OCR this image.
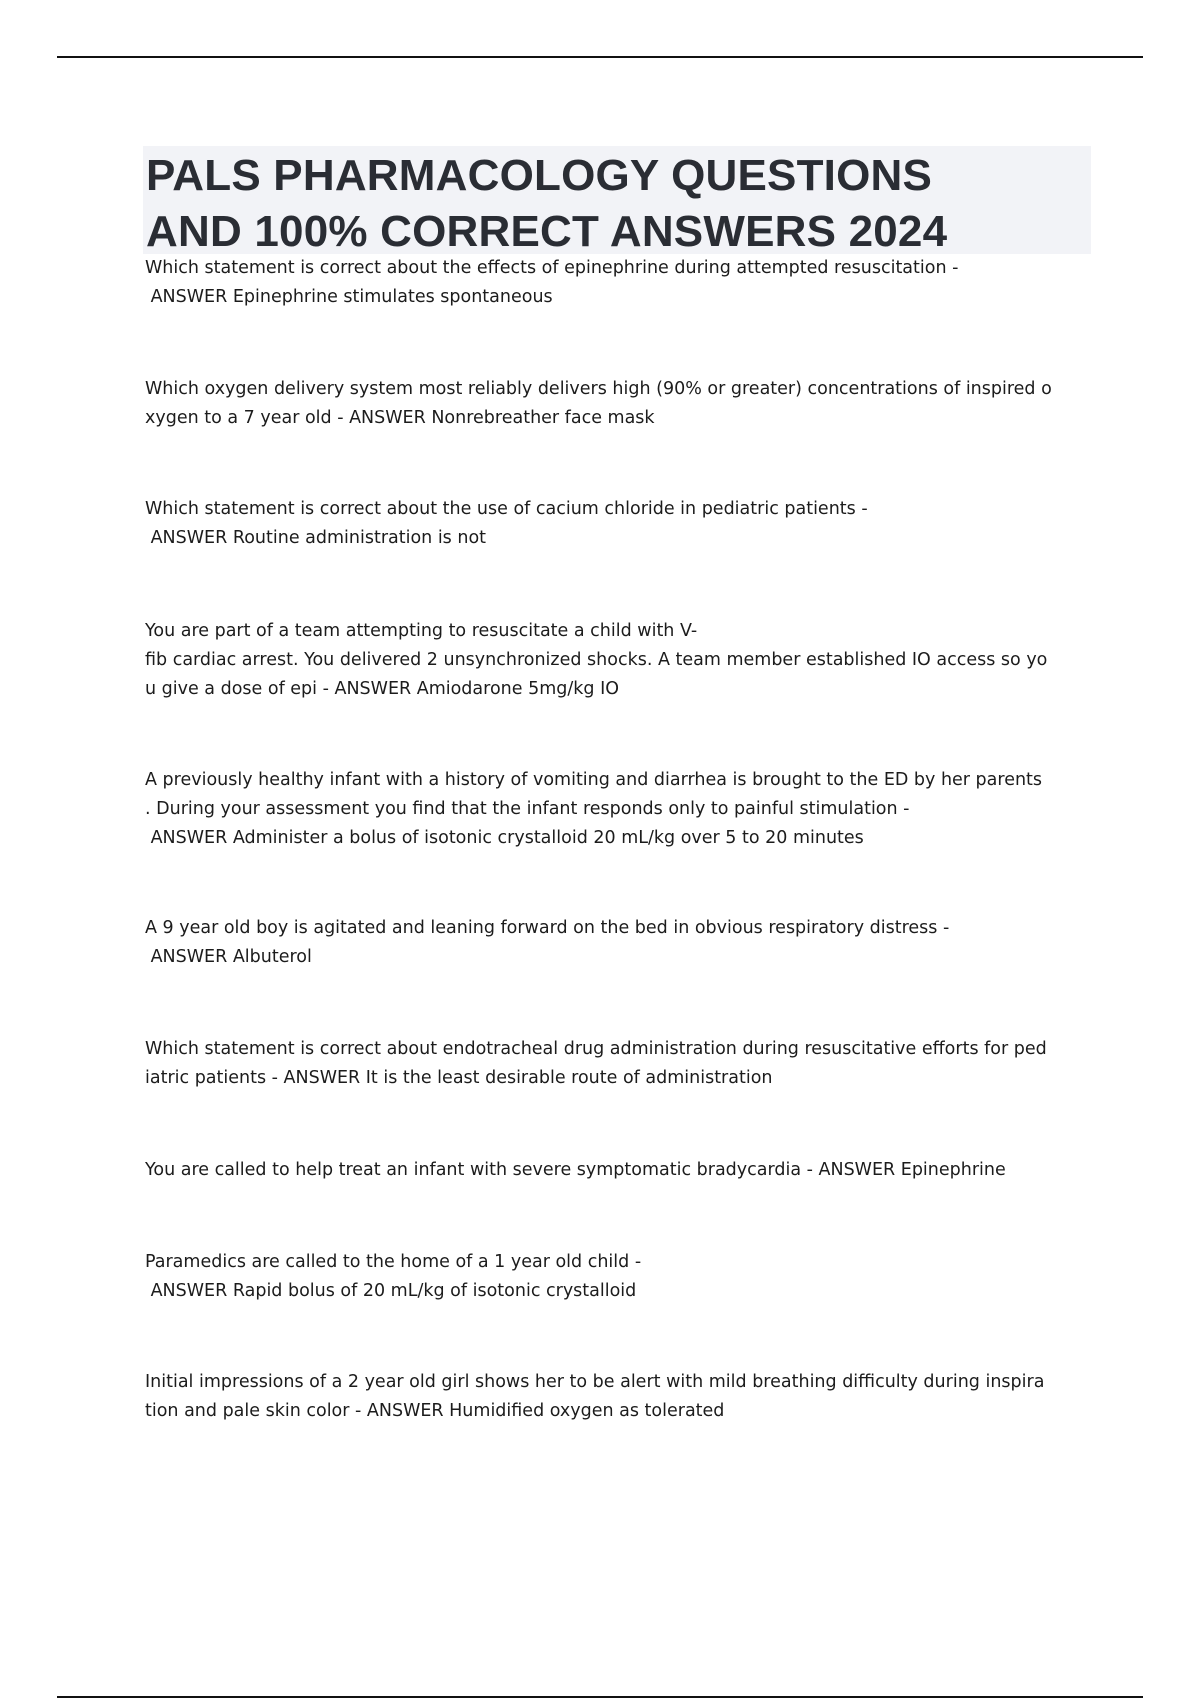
PALS PHARMACOLOGY QUESTIONS
AND 100% CORRECT ANSWERS 2024

Which statement is correct about the effects of epinephrine during attempted resuscitation -
ANSWER Epinephrine stimulates spontaneous

Which oxygen delivery system most reliably delivers high (90% or greater) concentrations of inspired o
xygen to a 7 year old - ANSWER Nonrebreather face mask

Which statement is correct about the use of cacium chloride in pediatric patients -
ANSWER Routine administration is not

You are part of a team attempting to resuscitate a child with V-
fib cardiac arrest. You delivered 2 unsynchronized shocks. A team member established IO access so yo
u give a dose of epi - ANSWER Amiodarone 5mg/kg IO

A previously healthy infant with a history of vomiting and diarrhea is brought to the ED by her parents
. During your assessment you find that the infant responds only to painful stimulation -
ANSWER Administer a bolus of isotonic crystalloid 20 mL/kg over 5 to 20 minutes

A 9 year old boy is agitated and leaning forward on the bed in obvious respiratory distress -
ANSWER Albuterol

Which statement is correct about endotracheal drug administration during resuscitative efforts for ped
iatric patients - ANSWER It is the least desirable route of administration

You are called to help treat an infant with severe symptomatic bradycardia - ANSWER Epinephrine

Paramedics are called to the home of a 1 year old child -
ANSWER Rapid bolus of 20 mL/kg of isotonic crystalloid

Initial impressions of a 2 year old girl shows her to be alert with mild breathing difficulty during inspira
tion and pale skin color - ANSWER Humidified oxygen as tolerated
